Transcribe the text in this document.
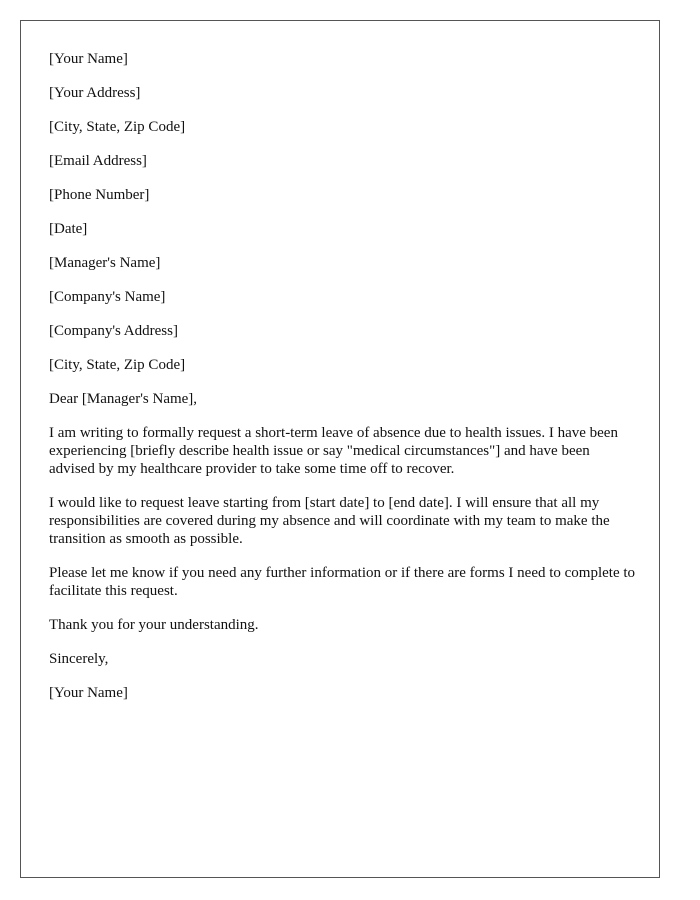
[Your Name]
[Your Address]
[City, State, Zip Code]
[Email Address]
[Phone Number]
[Date]
[Manager's Name]
[Company's Name]
[Company's Address]
[City, State, Zip Code]
Dear [Manager's Name],

I am writing to formally request a short-term leave of absence due to health issues. I have been experiencing [briefly describe health issue or say "medical circumstances"] and have been advised by my healthcare provider to take some time off to recover.

I would like to request leave starting from [start date] to [end date]. I will ensure that all my responsibilities are covered during my absence and will coordinate with my team to make the transition as smooth as possible.

Please let me know if you need any further information or if there are forms I need to complete to facilitate this request.

Thank you for your understanding.

Sincerely,
[Your Name]
